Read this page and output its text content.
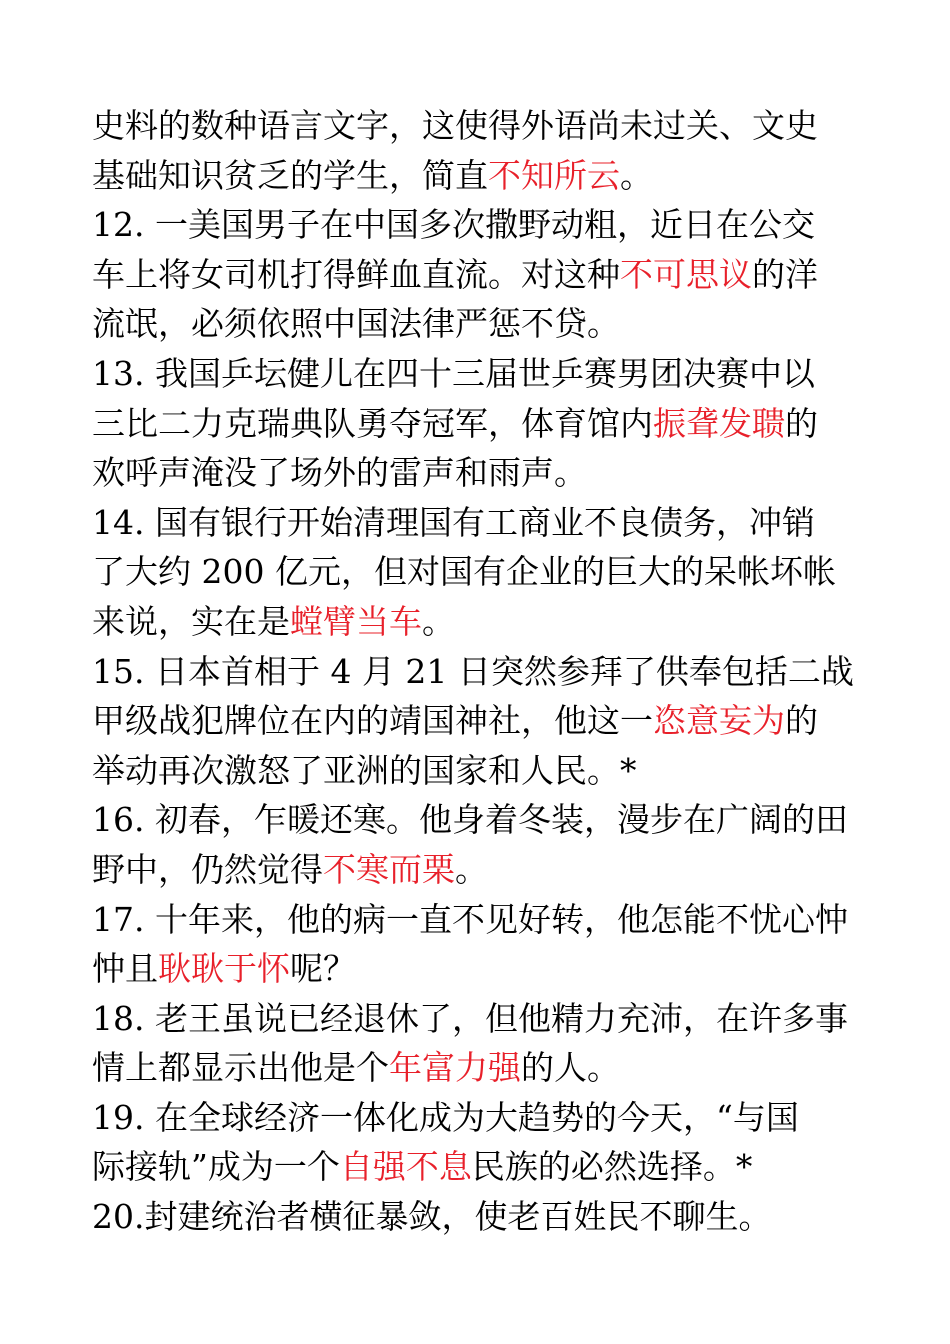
史料的数种语言文字，这使得外语尚未过关、文史
基础知识贫乏的学生，简直不知所云。
12. 一美国男子在中国多次撒野动粗，近日在公交
车上将女司机打得鲜血直流。对这种不可思议的洋
流氓，必须依照中国法律严惩不贷。
13. 我国乒坛健儿在四十三届世乒赛男团决赛中以
三比二力克瑞典队勇夺冠军，体育馆内振聋发聩的
欢呼声淹没了场外的雷声和雨声。
14. 国有银行开始清理国有工商业不良债务，冲销
了大约 200 亿元，但对国有企业的巨大的呆帐坏帐
来说，实在是螳臂当车。
15. 日本首相于 4 月 21 日突然参拜了供奉包括二战
甲级战犯牌位在内的靖国神社，他这一恣意妄为的
举动再次激怒了亚洲的国家和人民。*
16. 初春，乍暖还寒。他身着冬装，漫步在广阔的田
野中，仍然觉得不寒而栗。
17. 十年来，他的病一直不见好转，他怎能不忧心忡
忡且耿耿于怀呢？
18. 老王虽说已经退休了，但他精力充沛，在许多事
情上都显示出他是个年富力强的人。
19. 在全球经济一体化成为大趋势的今天，“与国
际接轨”成为一个自强不息民族的必然选择。*
20.封建统治者横征暴敛，使老百姓民不聊生。
